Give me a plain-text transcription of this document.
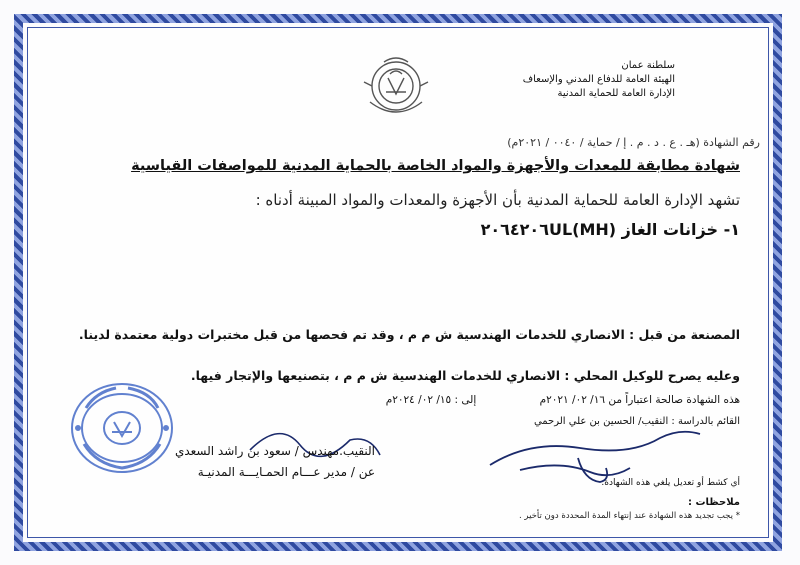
سلطنة عمان
الهيئة العامة للدفاع المدني والإسعاف
الإدارة العامة للحماية المدنية
رقم الشهادة (هـ . ع . د . م . إ / حماية / ٠٠٤٠ / ٢٠٢١م)
شهادة مطابقة للمعدات والأجهزة والمواد الخاصة بالحماية المدنية للمواصفات القياسية
تشهد الإدارة العامة للحماية المدنية بأن الأجهزة والمعدات والمواد المبينة أدناه :
١- خزانات الغاز (٢٠٦٤٢٠٦UL(MH
المصنعة من قبل : الانصاري للخدمات الهندسية ش م م ، وقد تم فحصها من قبل مختبرات دولية معتمدة لدينا.
وعليه يصرح للوكيل المحلي : الانصاري للخدمات الهندسية ش م م ، بتصنيعها والإتجار فيها.
هذه الشهادة صالحة اعتباراً من ١٦/ ٠٢/ ٢٠٢١م إلى : ١٥/ ٠٢/ ٢٠٢٤م
القائم بالدراسة : النقيب/ الحسين بن علي الرحمي
النقيب.مهندس / سعود بن راشد السعدي
عن / مدير عـــام الحمـايـــة المدنيـة
أي كشط أو تعديل يلغي هذه الشهادة.
ملاحظات :
* يجب تجديد هذه الشهادة عند إنتهاء المدة المحددة دون تأخير .
